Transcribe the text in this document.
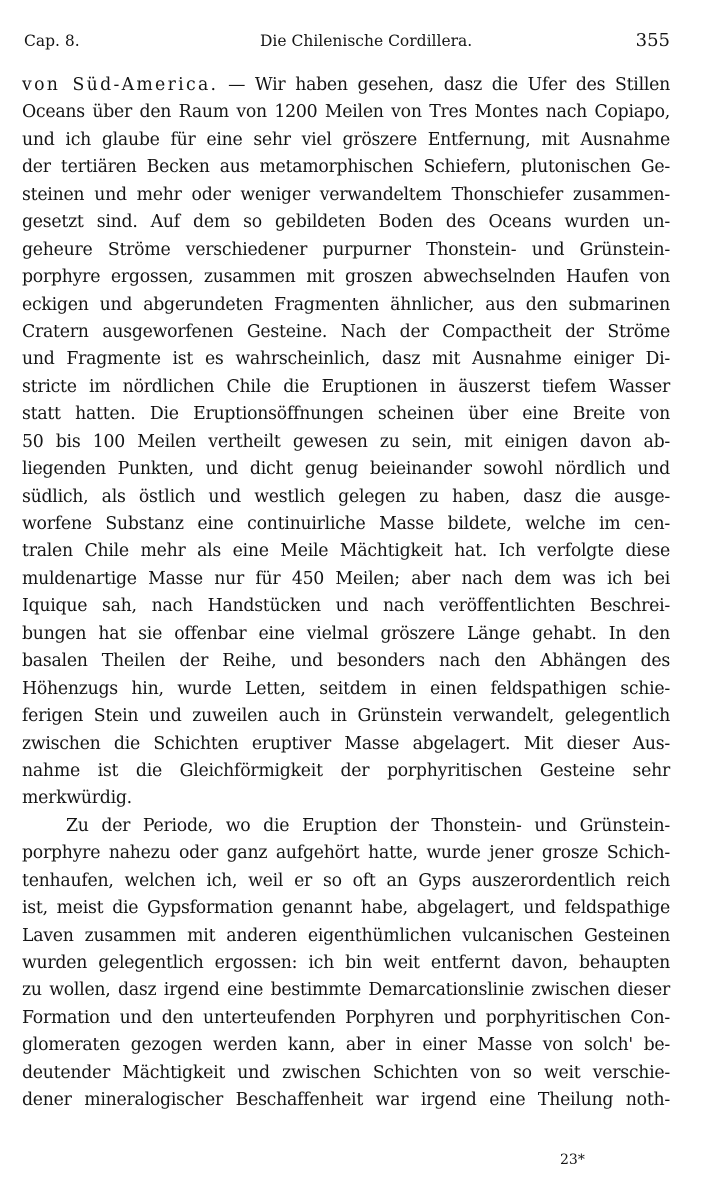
Cap. 8.	Die Chilenische Cordillera.	355
von Süd-America. — Wir haben gesehen, dasz die Ufer des Stillen
Oceans über den Raum von 1200 Meilen von Tres Montes nach Copiapo,
und ich glaube für eine sehr viel gröszere Entfernung, mit Ausnahme
der tertiären Becken aus metamorphischen Schiefern, plutonischen Ge-
steinen und mehr oder weniger verwandeltem Thonschiefer zusammen-
gesetzt sind. Auf dem so gebildeten Boden des Oceans wurden un-
geheure Ströme verschiedener purpurner Thonstein- und Grünstein-
porphyre ergossen, zusammen mit groszen abwechselnden Haufen von
eckigen und abgerundeten Fragmenten ähnlicher, aus den submarinen
Cratern ausgeworfenen Gesteine. Nach der Compactheit der Ströme
und Fragmente ist es wahrscheinlich, dasz mit Ausnahme einiger Di-
stricte im nördlichen Chile die Eruptionen in äuszerst tiefem Wasser
statt hatten. Die Eruptionsöffnungen scheinen über eine Breite von
50 bis 100 Meilen vertheilt gewesen zu sein, mit einigen davon ab-
liegenden Punkten, und dicht genug beieinander sowohl nördlich und
südlich, als östlich und westlich gelegen zu haben, dasz die ausge-
worfene Substanz eine continuirliche Masse bildete, welche im cen-
tralen Chile mehr als eine Meile Mächtigkeit hat. Ich verfolgte diese
muldenartige Masse nur für 450 Meilen; aber nach dem was ich bei
Iquique sah, nach Handstücken und nach veröffentlichten Beschrei-
bungen hat sie offenbar eine vielmal gröszere Länge gehabt. In den
basalen Theilen der Reihe, und besonders nach den Abhängen des
Höhenzugs hin, wurde Letten, seitdem in einen feldspathigen schie-
ferigen Stein und zuweilen auch in Grünstein verwandelt, gelegentlich
zwischen die Schichten eruptiver Masse abgelagert. Mit dieser Aus-
nahme ist die Gleichförmigkeit der porphyritischen Gesteine sehr
merkwürdig.
Zu der Periode, wo die Eruption der Thonstein- und Grünstein-
porphyre nahezu oder ganz aufgehört hatte, wurde jener grosze Schich-
tenhaufen, welchen ich, weil er so oft an Gyps auszerordentlich reich
ist, meist die Gypsformation genannt habe, abgelagert, und feldspathige
Laven zusammen mit anderen eigenthümlichen vulcanischen Gesteinen
wurden gelegentlich ergossen: ich bin weit entfernt davon, behaupten
zu wollen, dasz irgend eine bestimmte Demarcationslinie zwischen dieser
Formation und den unterteufenden Porphyren und porphyritischen Con-
glomeraten gezogen werden kann, aber in einer Masse von solch' be-
deutender Mächtigkeit und zwischen Schichten von so weit verschie-
dener mineralogischer Beschaffenheit war irgend eine Theilung noth-
23*
